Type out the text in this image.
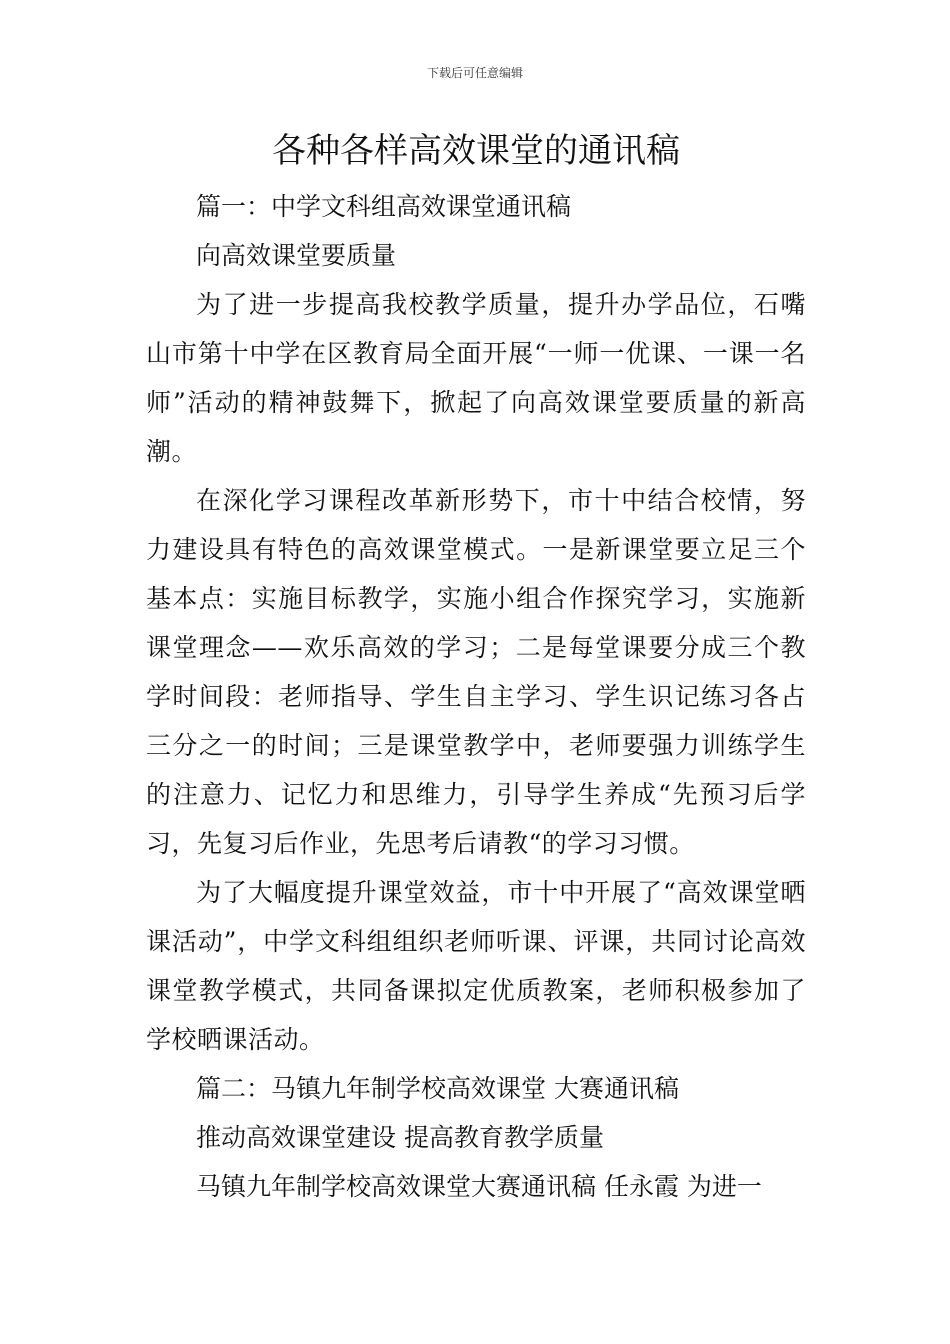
下载后可任意编辑
各种各样高效课堂的通讯稿

篇一：中学文科组高效课堂通讯稿

向高效课堂要质量

为了进一步提高我校教学质量，提升办学品位，石嘴山市第十中学在区教育局全面开展“一师一优课、一课一名师”活动的精神鼓舞下，掀起了向高效课堂要质量的新高潮。

在深化学习课程改革新形势下，市十中结合校情，努力建设具有特色的高效课堂模式。一是新课堂要立足三个基本点：实施目标教学，实施小组合作探究学习，实施新课堂理念——欢乐高效的学习；二是每堂课要分成三个教学时间段：老师指导、学生自主学习、学生识记练习各占三分之一的时间；三是课堂教学中，老师要强力训练学生的注意力、记忆力和思维力，引导学生养成“先预习后学习，先复习后作业，先思考后请教“的学习习惯。

为了大幅度提升课堂效益，市十中开展了“高效课堂晒课活动”，中学文科组组织老师听课、评课，共同讨论高效课堂教学模式，共同备课拟定优质教案，老师积极参加了学校晒课活动。

篇二：马镇九年制学校高效课堂 大赛通讯稿

推动高效课堂建设 提高教育教学质量

马镇九年制学校高效课堂大赛通讯稿 任永霞 为进一
